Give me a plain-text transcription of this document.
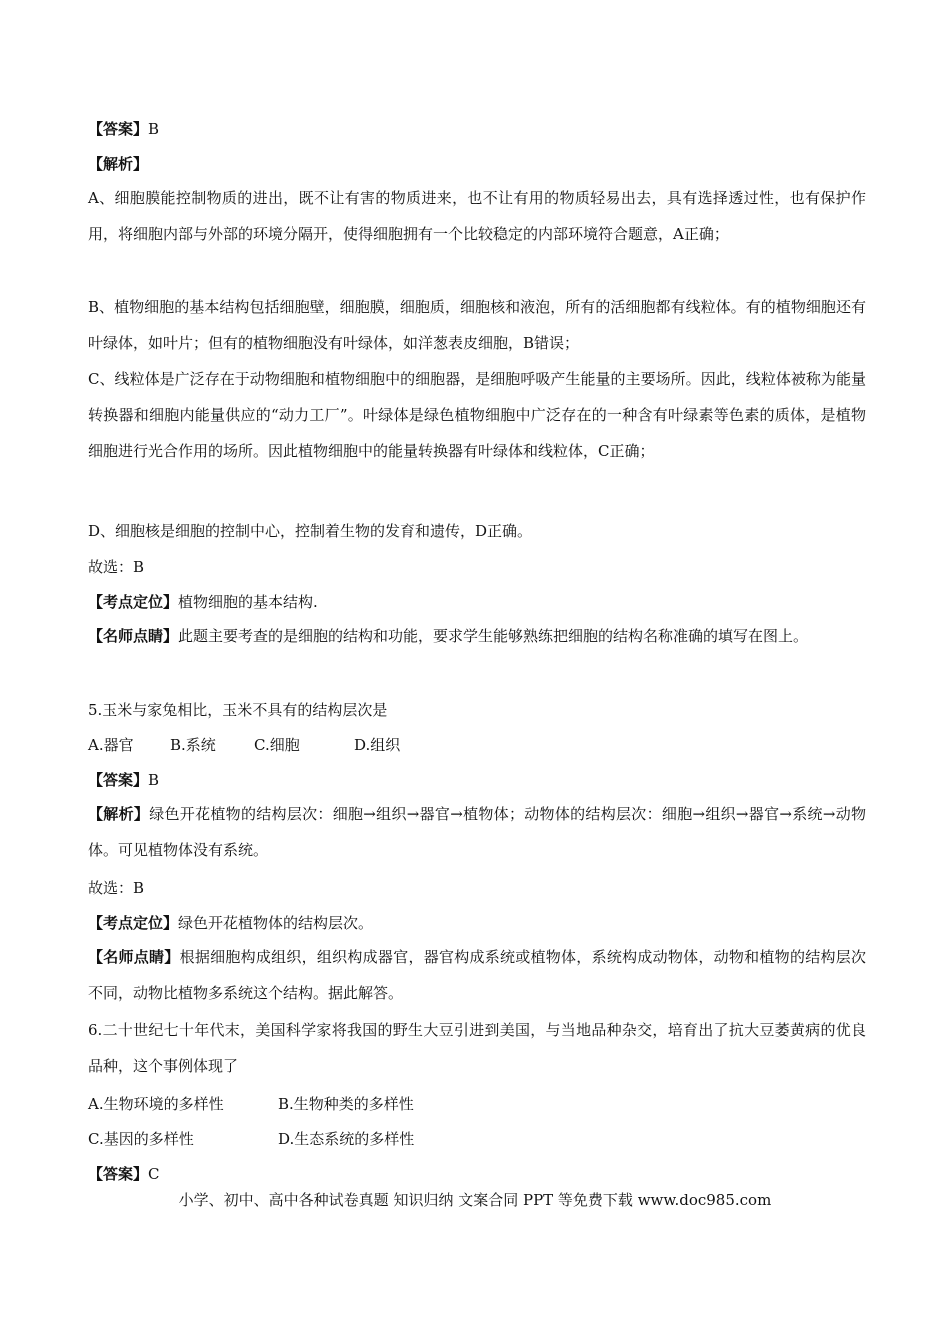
【答案】B
【解析】
A、细胞膜能控制物质的进出，既不让有害的物质进来，也不让有用的物质轻易出去，具有选择透过性，也有保护作用，将细胞内部与外部的环境分隔开，使得细胞拥有一个比较稳定的内部环境符合题意，A正确；
B、植物细胞的基本结构包括细胞壁，细胞膜，细胞质，细胞核和液泡，所有的活细胞都有线粒体。有的植物细胞还有叶绿体，如叶片；但有的植物细胞没有叶绿体，如洋葱表皮细胞，B错误；
C、线粒体是广泛存在于动物细胞和植物细胞中的细胞器，是细胞呼吸产生能量的主要场所。因此，线粒体被称为能量转换器和细胞内能量供应的“动力工厂”。叶绿体是绿色植物细胞中广泛存在的一种含有叶绿素等色素的质体，是植物细胞进行光合作用的场所。因此植物细胞中的能量转换器有叶绿体和线粒体，C正确；
D、细胞核是细胞的控制中心，控制着生物的发育和遗传，D正确。
故选：B
【考点定位】植物细胞的基本结构.
【名师点睛】此题主要考查的是细胞的结构和功能，要求学生能够熟练把细胞的结构名称准确的填写在图上。
5.玉米与家兔相比，玉米不具有的结构层次是
A.器官 B.系统	C.细胞	D.组织
【答案】B
【解析】绿色开花植物的结构层次：细胞→组织→器官→植物体；动物体的结构层次：细胞→组织→器官→系统→动物体。可见植物体没有系统。
故选：B
【考点定位】绿色开花植物体的结构层次。
【名师点睛】根据细胞构成组织，组织构成器官，器官构成系统或植物体，系统构成动物体，动物和植物的结构层次不同，动物比植物多系统这个结构。据此解答。
6.二十世纪七十年代末，美国科学家将我国的野生大豆引进到美国，与当地品种杂交，培育出了抗大豆萎黄病的优良品种，这个事例体现了
A.生物环境的多样性	B.生物种类的多样性
C.基因的多样性	D.生态系统的多样性
【答案】C
小学、初中、高中各种试卷真题 知识归纳 文案合同 PPT 等免费下载 www.doc985.com
